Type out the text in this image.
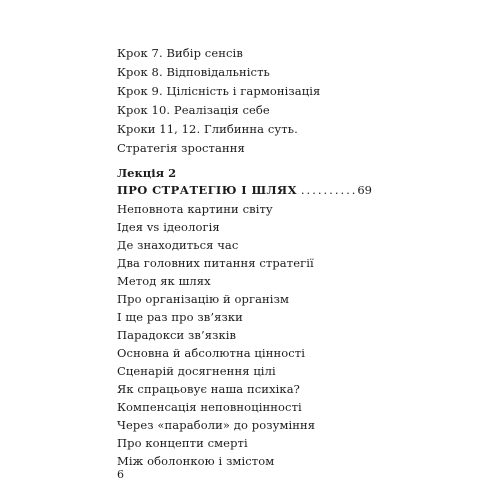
Крок 7. Вибір сенсів
Крок 8. Відповідальність
Крок 9. Цілісність і гармонізація
Крок 10. Реалізація себе
Кроки 11, 12. Глибинна суть.
Стратегія зростання
Лекція 2
ПРО СТРАТЕГІЮ І ШЛЯХ
.....	69
Неповнота картини світу
Ідея vs ідеологія
Де знаходиться час
Два головних питання стратегії
Метод як шлях
Про організацію й організм
І ще раз про зв’язки
Парадокси зв’язків
Основна й абсолютна цінності
Сценарій досягнення цілі
Як спрацьовує наша психіка?
Компенсація неповноцінності
Через «параболи» до розуміння
Про концепти смерті
Між оболонкою і змістом
6
